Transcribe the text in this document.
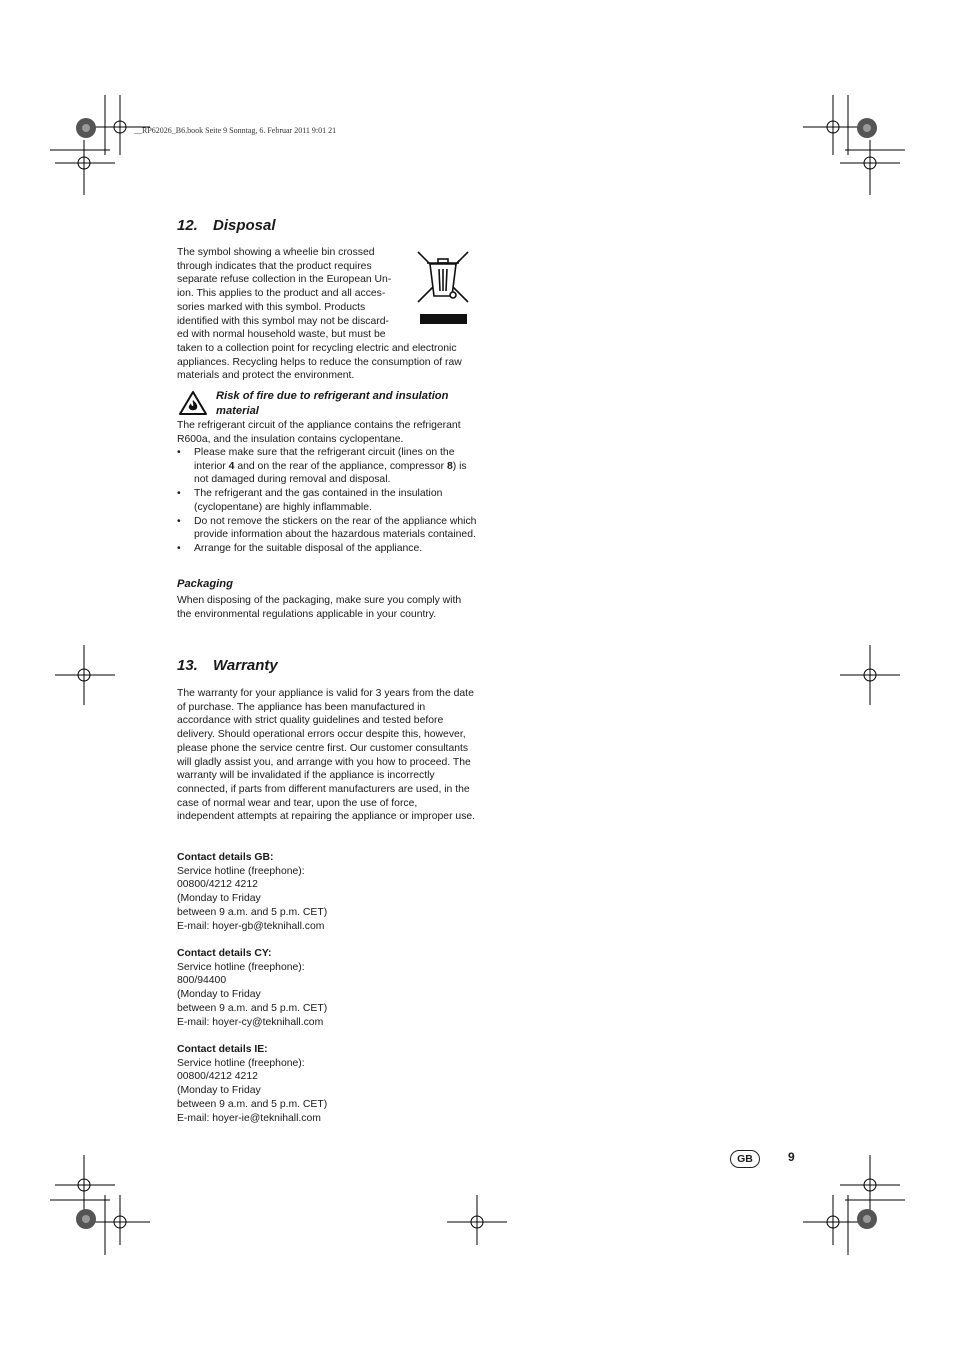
__RP62026_B6.book Seite 9 Sonntag, 6. Februar 2011 9:01 21
12. Disposal
The symbol showing a wheelie bin crossed
through indicates that the product requires
separate refuse collection in the European Un-
ion. This applies to the product and all acces-
sories marked with this symbol. Products
identified with this symbol may not be discard-
ed with normal household waste, but must be
taken to a collection point for recycling electric and electronic appliances. Recycling helps to reduce the consumption of raw materials and protect the environment.
Risk of fire due to refrigerant and insulation material
The refrigerant circuit of the appliance contains the refrigerant R600a, and the insulation contains cyclopentane.
• Please make sure that the refrigerant circuit (lines on the interior 4 and on the rear of the appliance, compressor 8) is not damaged during removal and disposal.
• The refrigerant and the gas contained in the insulation (cyclopentane) are highly inflammable.
• Do not remove the stickers on the rear of the appliance which provide information about the hazardous materials contained.
• Arrange for the suitable disposal of the appliance.
Packaging
When disposing of the packaging, make sure you comply with the environmental regulations applicable in your country.
13. Warranty
The warranty for your appliance is valid for 3 years from the date of purchase. The appliance has been manufactured in accordance with strict quality guidelines and tested before delivery. Should operational errors occur despite this, however, please phone the service centre first. Our customer consultants will gladly assist you, and arrange with you how to proceed. The warranty will be invalidated if the appliance is incorrectly connected, if parts from different manufacturers are used, in the case of normal wear and tear, upon the use of force, independent attempts at repairing the appliance or improper use.
Contact details GB:
Service hotline (freephone):
00800/4212 4212
(Monday to Friday
between 9 a.m. and 5 p.m. CET)
E-mail: hoyer-gb@teknihall.com
Contact details CY:
Service hotline (freephone):
800/94400
(Monday to Friday
between 9 a.m. and 5 p.m. CET)
E-mail: hoyer-cy@teknihall.com
Contact details IE:
Service hotline (freephone):
00800/4212 4212
(Monday to Friday
between 9 a.m. and 5 p.m. CET)
E-mail: hoyer-ie@teknihall.com
GB	9
